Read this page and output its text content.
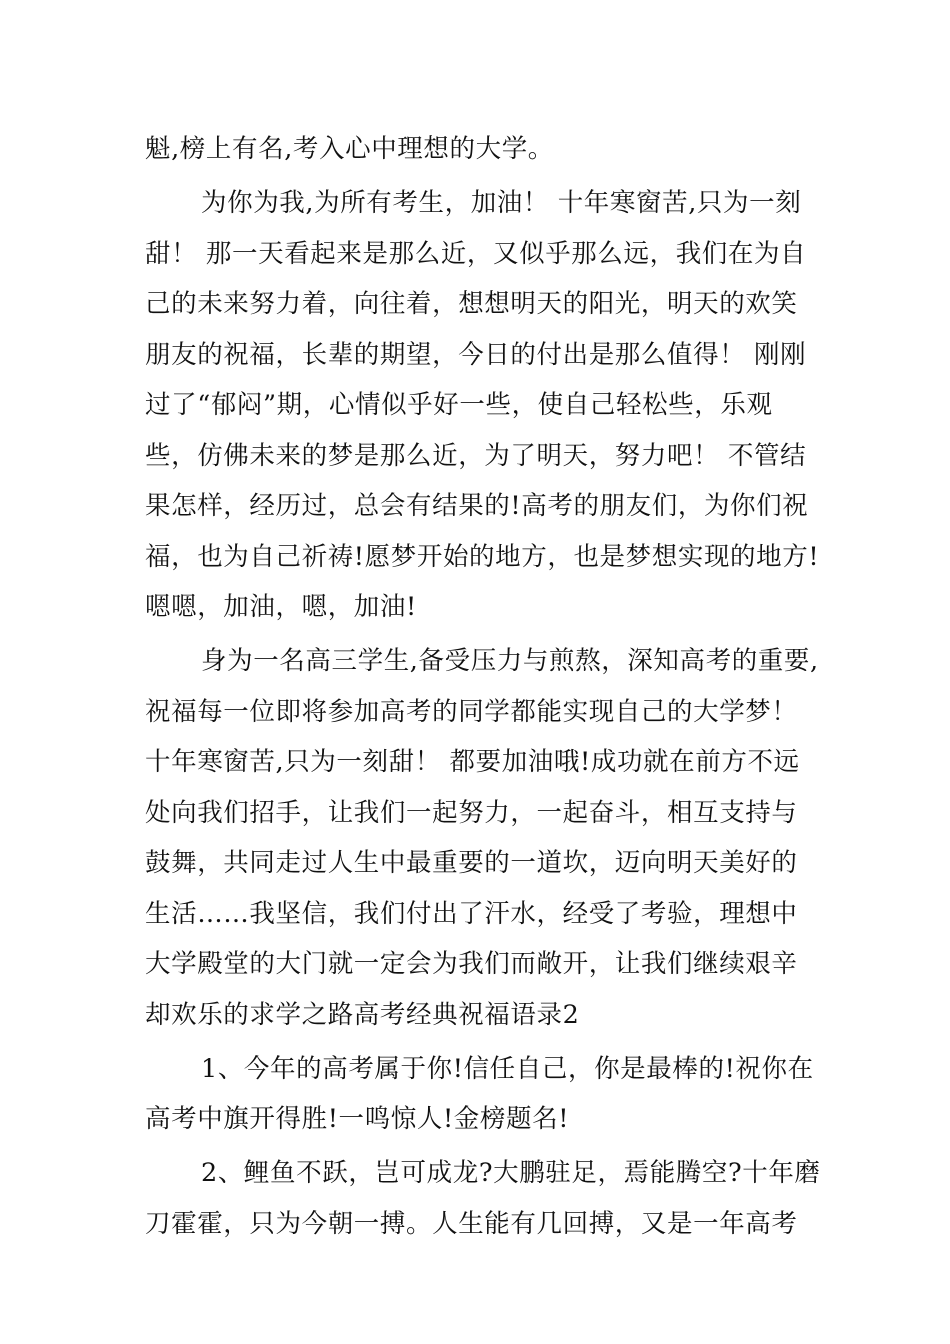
魁,榜上有名,考入心中理想的大学。
为你为我,为所有考生，加油！ 十年寒窗苦,只为一刻
甜！ 那一天看起来是那么近，又似乎那么远，我们在为自
己的未来努力着，向往着，想想明天的阳光，明天的欢笑
朋友的祝福，长辈的期望，今日的付出是那么值得！ 刚刚
过了“郁闷”期，心情似乎好一些，使自己轻松些，乐观
些，仿佛未来的梦是那么近，为了明天，努力吧！ 不管结
果怎样，经历过，总会有结果的!高考的朋友们，为你们祝
福，也为自己祈祷!愿梦开始的地方，也是梦想实现的地方!
嗯嗯，加油，嗯，加油!
身为一名高三学生,备受压力与煎熬，深知高考的重要,
祝福每一位即将参加高考的同学都能实现自己的大学梦！
十年寒窗苦,只为一刻甜！ 都要加油哦!成功就在前方不远
处向我们招手，让我们一起努力，一起奋斗，相互支持与
鼓舞，共同走过人生中最重要的一道坎，迈向明天美好的
生活……我坚信，我们付出了汗水，经受了考验，理想中
大学殿堂的大门就一定会为我们而敞开，让我们继续艰辛
却欢乐的求学之路高考经典祝福语录2
1、今年的高考属于你!信任自己，你是最棒的!祝你在
高考中旗开得胜!一鸣惊人!金榜题名!
2、鲤鱼不跃，岂可成龙?大鹏驻足，焉能腾空?十年磨
刀霍霍，只为今朝一搏。人生能有几回搏，又是一年高考
